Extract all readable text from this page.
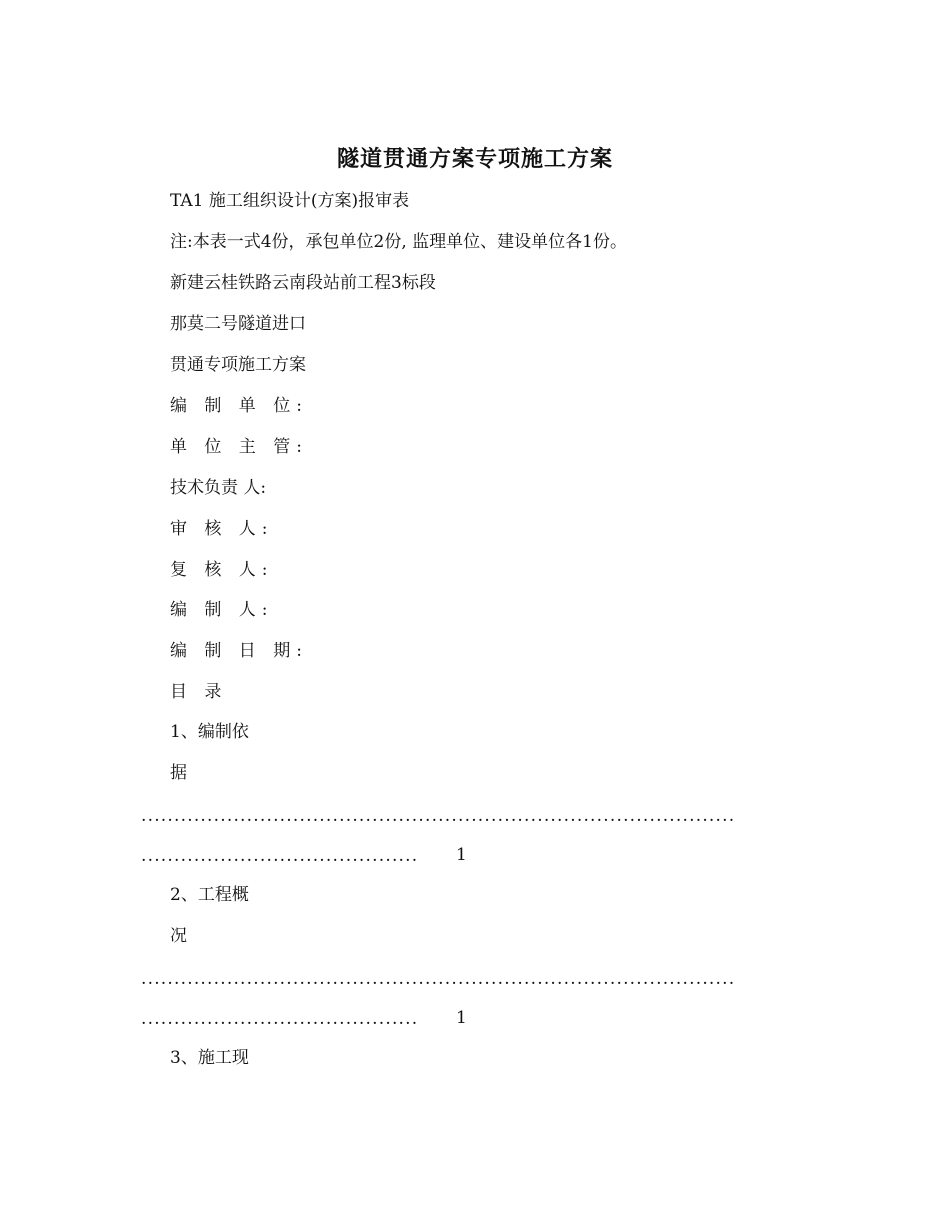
隧道贯通方案专项施工方案
TA1 施工组织设计(方案)报审表
注:本表一式4份，承包单位2份, 监理单位、建设单位各1份。
新建云桂铁路云南段站前工程3标段
那莫二号隧道进口
贯通专项施工方案
编 制 单 位:
单 位 主 管:
技术负责 人:
审 核 人:
复 核 人:
编 制 人:
编 制 日 期:
目 录
1、编制依
据
..........................................................................................
..........................................	1
2、工程概
况
..........................................................................................
..........................................	1
3、施工现
